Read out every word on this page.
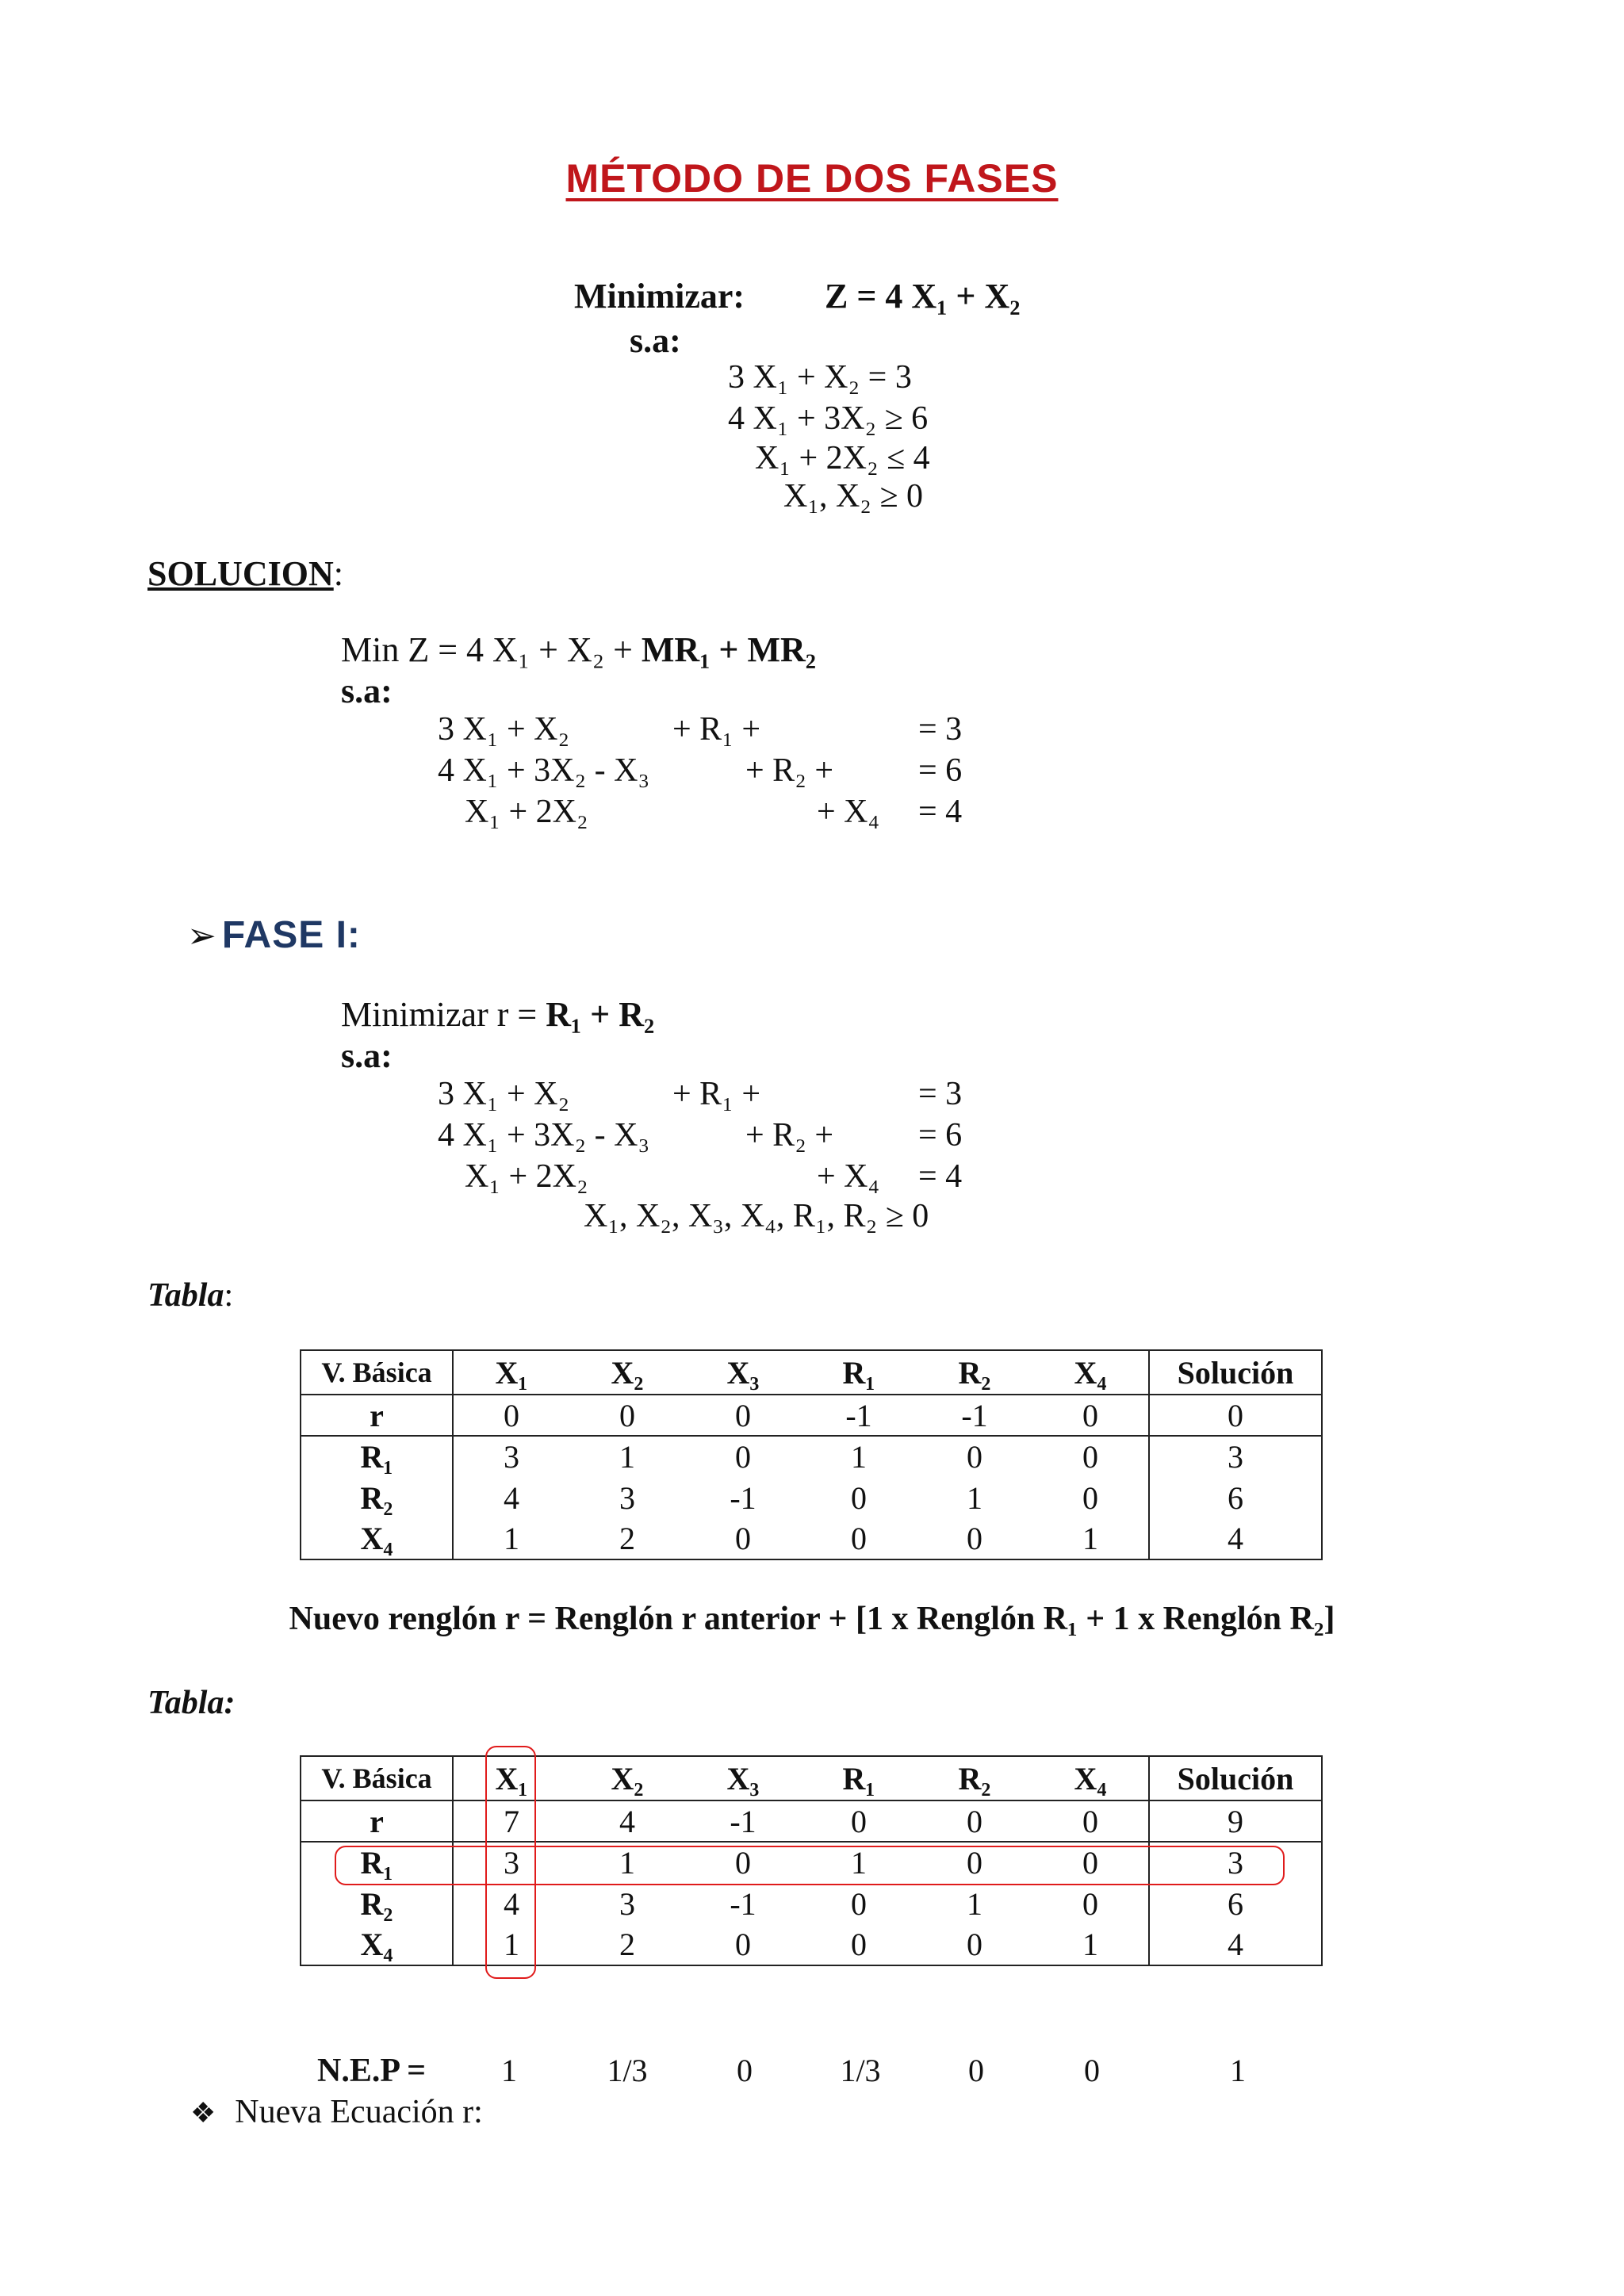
MÉTODO DE DOS FASES
Minimizar: Z = 4 X₁ + X₂
s.a:
3 X₁ + X₂ = 3
4 X₁ + 3X₂ ≥ 6
X₁ + 2X₂ ≤ 4
X₁, X₂ ≥ 0
SOLUCION:
Min Z = 4 X₁ + X₂ + MR₁ + MR₂
s.a:
3 X₁ + X₂	+ R₁ +	= 3
4 X₁ + 3X₂ - X₃	+ R₂ +	= 6
X₁ + 2X₂	+ X₄ = 4
➢ FASE I:
Minimizar r = R₁ + R₂
s.a:
3 X₁ + X₂	+ R₁ +	= 3
4 X₁ + 3X₂ - X₃	+ R₂ +	= 6
X₁ + 2X₂	+ X₄ = 4
X₁, X₂, X₃, X₄, R₁, R₂ ≥ 0
Tabla:
V. Básica	X₁	X₂	X₃	R₁	R₂	X₄	Solución
r	0	0	0	-1	-1	0	0
R₁	3	1	0	1	0	0	3
R₂	4	3	-1	0	1	0	6
X₄	1	2	0	0	0	1	4
Nuevo renglón r = Renglón r anterior + [1 x Renglón R₁ + 1 x Renglón R₂]
Tabla:
V. Básica	X₁	X₂	X₃	R₁	R₂	X₄	Solución
r	7	4	-1	0	0	0	9
R₁	3	1	0	1	0	0	3
R₂	4	3	-1	0	1	0	6
X₄	1	2	0	0	0	1	4
N.E.P =	1	1/3	0	1/3	0	0	1
❖ Nueva Ecuación r:
